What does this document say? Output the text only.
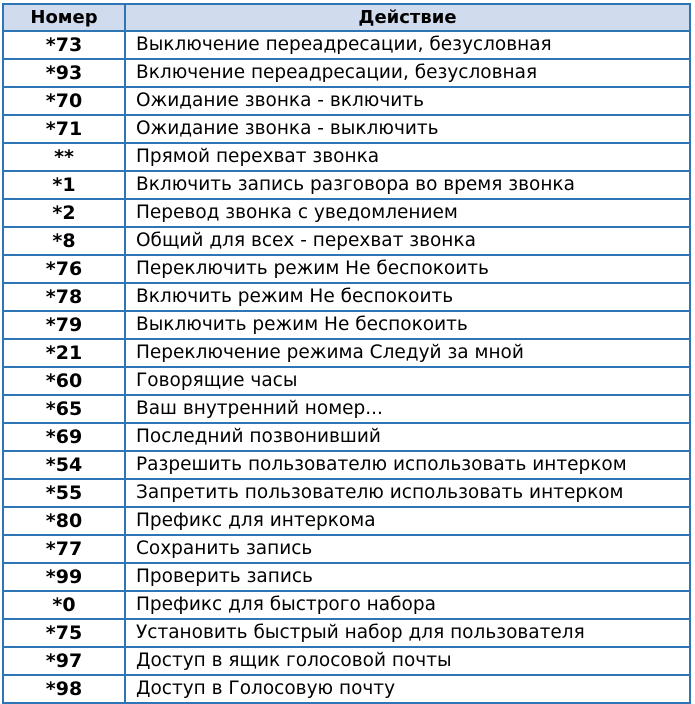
Номер	Действие
*73	Выключение переадресации, безусловная
*93	Включение переадресации, безусловная
*70	Ожидание звонка - включить
*71	Ожидание звонка - выключить
**	Прямой перехват звонка
*1	Включить запись разговора во время звонка
*2	Перевод звонка с уведомлением
*8	Общий для всех - перехват звонка
*76	Переключить режим Не беспокоить
*78	Включить режим Не беспокоить
*79	Выключить режим Не беспокоить
*21	Переключение режима Следуй за мной
*60	Говорящие часы
*65	Ваш внутренний номер...
*69	Последний позвонивший
*54	Разрешить пользователю использовать интерком
*55	Запретить пользователю использовать интерком
*80	Префикс для интеркома
*77	Сохранить запись
*99	Проверить запись
*0	Префикс для быстрого набора
*75	Установить быстрый набор для пользователя
*97	Доступ в ящик голосовой почты
*98	Доступ в Голосовую почту
